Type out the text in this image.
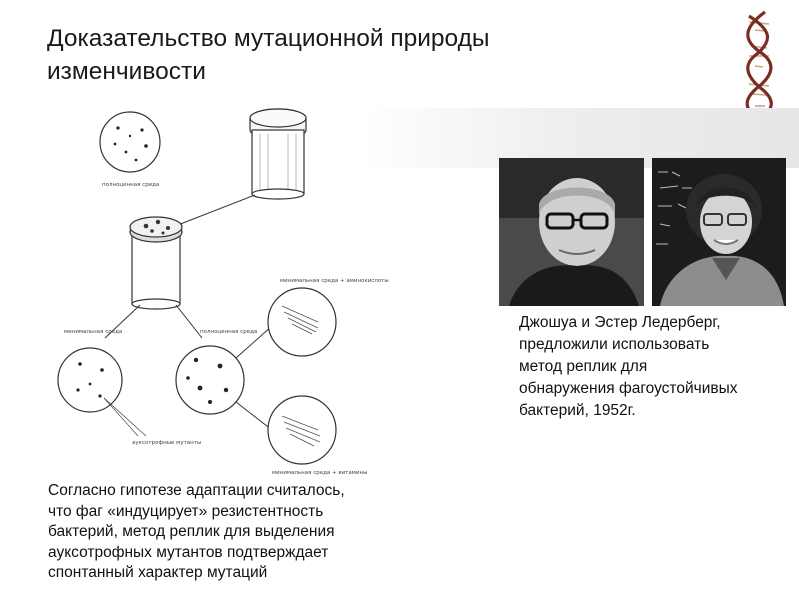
Доказательство мутационной природы
изменчивости
полноценная среда
минимальная среда
ауксотрофные мутанты
полноценная среда
минимальная среда + аминокислоты
минимальная среда + витамины
Джошуа и Эстер Ледерберг,
предложили использовать
метод реплик для
обнаружения фагоустойчивых
бактерий, 1952г.
Согласно гипотезе адаптации считалось,
что фаг «индуцирует» резистентность
бактерий, метод реплик для выделения
ауксотрофных мутантов подтверждает
спонтанный характер мутаций
